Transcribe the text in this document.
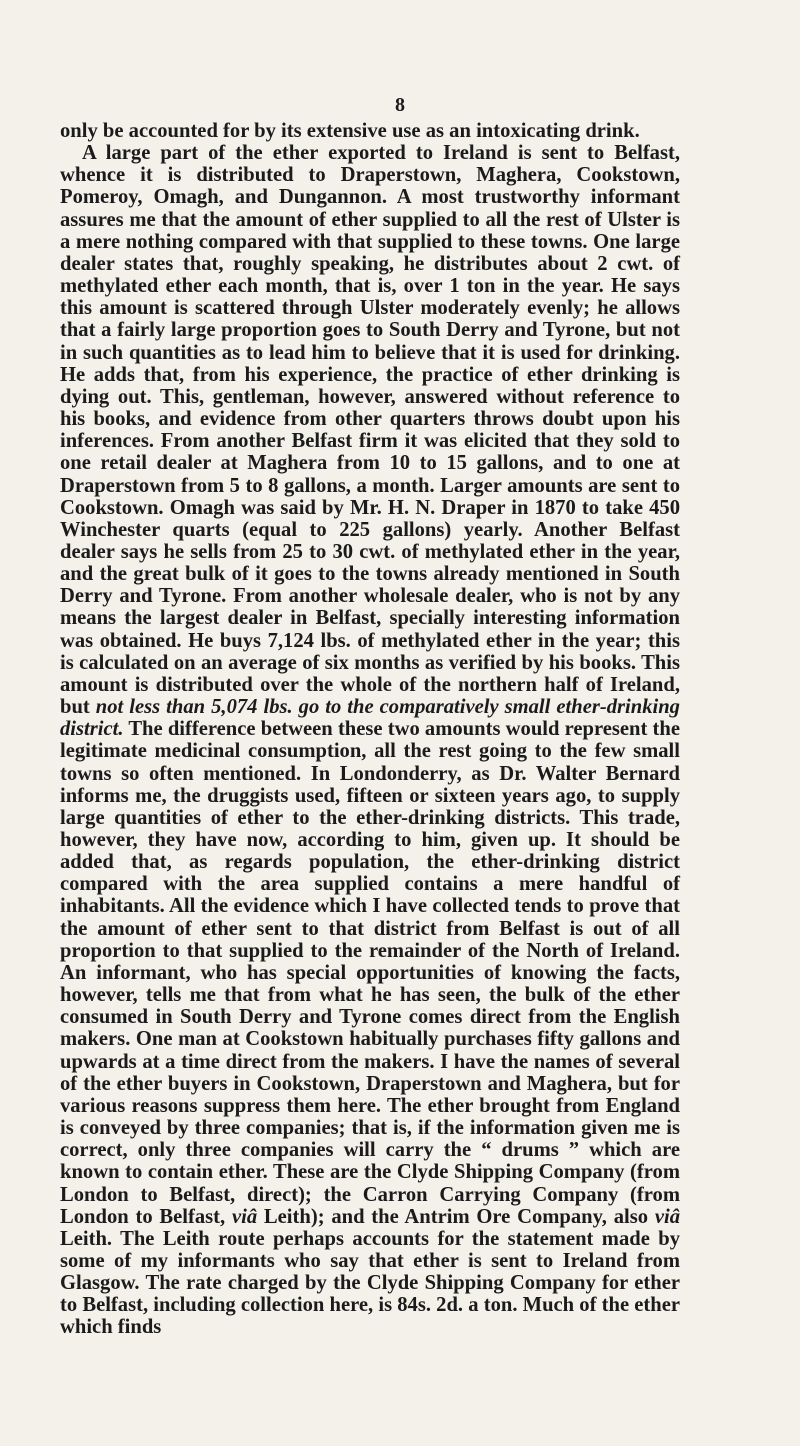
8

only be accounted for by its extensive use as an intoxicating drink.

A large part of the ether exported to Ireland is sent to Belfast, whence it is distributed to Draperstown, Maghera, Cookstown, Pomeroy, Omagh, and Dungannon. A most trustworthy informant assures me that the amount of ether supplied to all the rest of Ulster is a mere nothing compared with that supplied to these towns. One large dealer states that, roughly speaking, he distributes about 2 cwt. of methylated ether each month, that is, over 1 ton in the year. He says this amount is scattered through Ulster moderately evenly; he allows that a fairly large proportion goes to South Derry and Tyrone, but not in such quantities as to lead him to believe that it is used for drinking. He adds that, from his experience, the practice of ether drinking is dying out. This, gentleman, however, answered without reference to his books, and evidence from other quarters throws doubt upon his inferences. From another Belfast firm it was elicited that they sold to one retail dealer at Maghera from 10 to 15 gallons, and to one at Draperstown from 5 to 8 gallons, a month. Larger amounts are sent to Cookstown. Omagh was said by Mr. H. N. Draper in 1870 to take 450 Winchester quarts (equal to 225 gallons) yearly. Another Belfast dealer says he sells from 25 to 30 cwt. of methylated ether in the year, and the great bulk of it goes to the towns already mentioned in South Derry and Tyrone. From another wholesale dealer, who is not by any means the largest dealer in Belfast, specially interesting information was obtained. He buys 7,124 lbs. of methylated ether in the year; this is calculated on an average of six months as verified by his books. This amount is distributed over the whole of the northern half of Ireland, but not less than 5,074 lbs. go to the comparatively small ether-drinking district. The difference between these two amounts would represent the legitimate medicinal consumption, all the rest going to the few small towns so often mentioned. In Londonderry, as Dr. Walter Bernard informs me, the druggists used, fifteen or sixteen years ago, to supply large quantities of ether to the ether-drinking districts. This trade, however, they have now, according to him, given up. It should be added that, as regards population, the ether-drinking district compared with the area supplied contains a mere handful of inhabitants. All the evidence which I have collected tends to prove that the amount of ether sent to that district from Belfast is out of all proportion to that supplied to the remainder of the North of Ireland. An informant, who has special opportunities of knowing the facts, however, tells me that from what he has seen, the bulk of the ether consumed in South Derry and Tyrone comes direct from the English makers. One man at Cookstown habitually purchases fifty gallons and upwards at a time direct from the makers. I have the names of several of the ether buyers in Cookstown, Draperstown and Maghera, but for various reasons suppress them here. The ether brought from England is conveyed by three companies; that is, if the information given me is correct, only three companies will carry the “ drums ” which are known to contain ether. These are the Clyde Shipping Company (from London to Belfast, direct); the Carron Carrying Company (from London to Belfast, viâ Leith); and the Antrim Ore Company, also viâ Leith. The Leith route perhaps accounts for the statement made by some of my informants who say that ether is sent to Ireland from Glasgow. The rate charged by the Clyde Shipping Company for ether to Belfast, including collection here, is 84s. 2d. a ton. Much of the ether which finds
